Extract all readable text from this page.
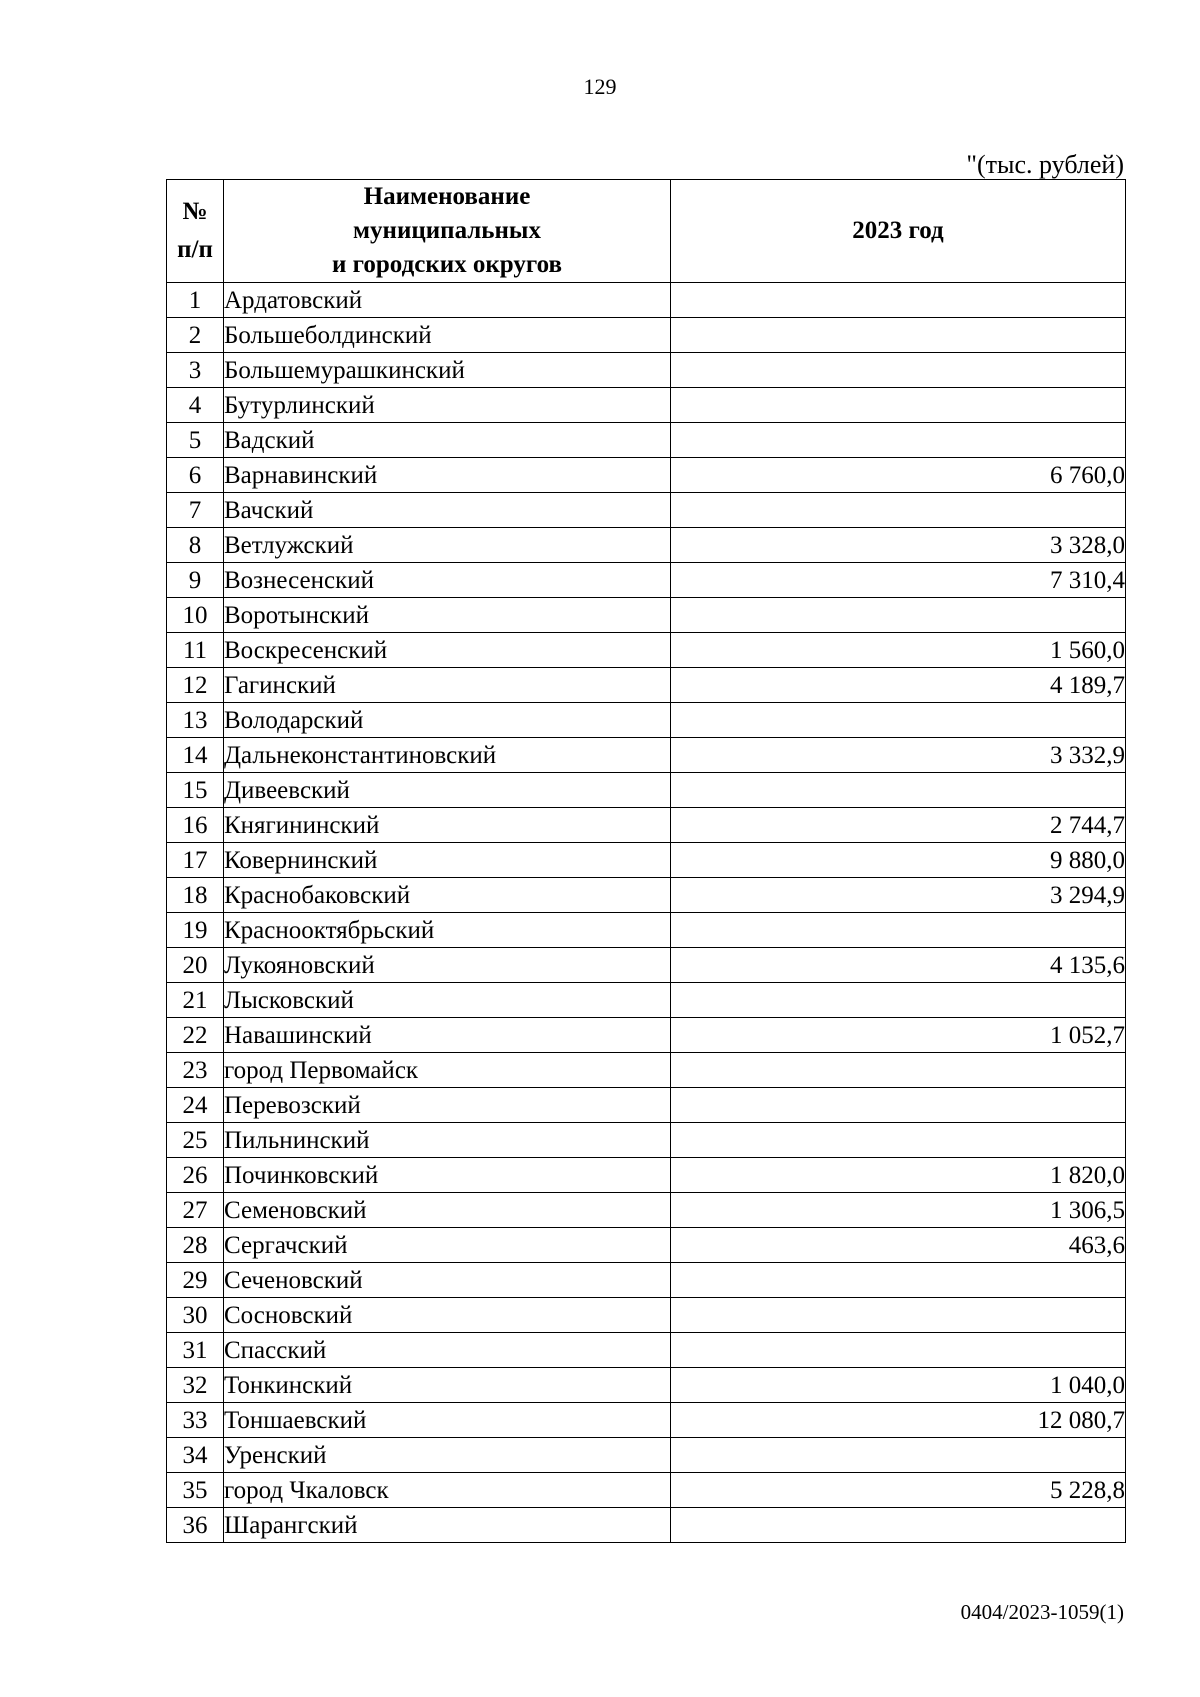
129
"(тыс. рублей)
№
п/п	Наименование
муниципальных
и городских округов	2023 год
1	Ардатовский	
2	Большеболдинский	
3	Большемурашкинский	
4	Бутурлинский	
5	Вадский	
6	Варнавинский	6 760,0
7	Вачский	
8	Ветлужский	3 328,0
9	Вознесенский	7 310,4
10	Воротынский	
11	Воскресенский	1 560,0
12	Гагинский	4 189,7
13	Володарский	
14	Дальнеконстантиновский	3 332,9
15	Дивеевский	
16	Княгининский	2 744,7
17	Ковернинский	9 880,0
18	Краснобаковский	3 294,9
19	Краснооктябрьский	
20	Лукояновский	4 135,6
21	Лысковский	
22	Навашинский	1 052,7
23	город Первомайск	
24	Перевозский	
25	Пильнинский	
26	Починковский	1 820,0
27	Семеновский	1 306,5
28	Сергачский	463,6
29	Сеченовский	
30	Сосновский	
31	Спасский	
32	Тонкинский	1 040,0
33	Тоншаевский	12 080,7
34	Уренский	
35	город Чкаловск	5 228,8
36	Шарангский	
0404/2023-1059(1)
